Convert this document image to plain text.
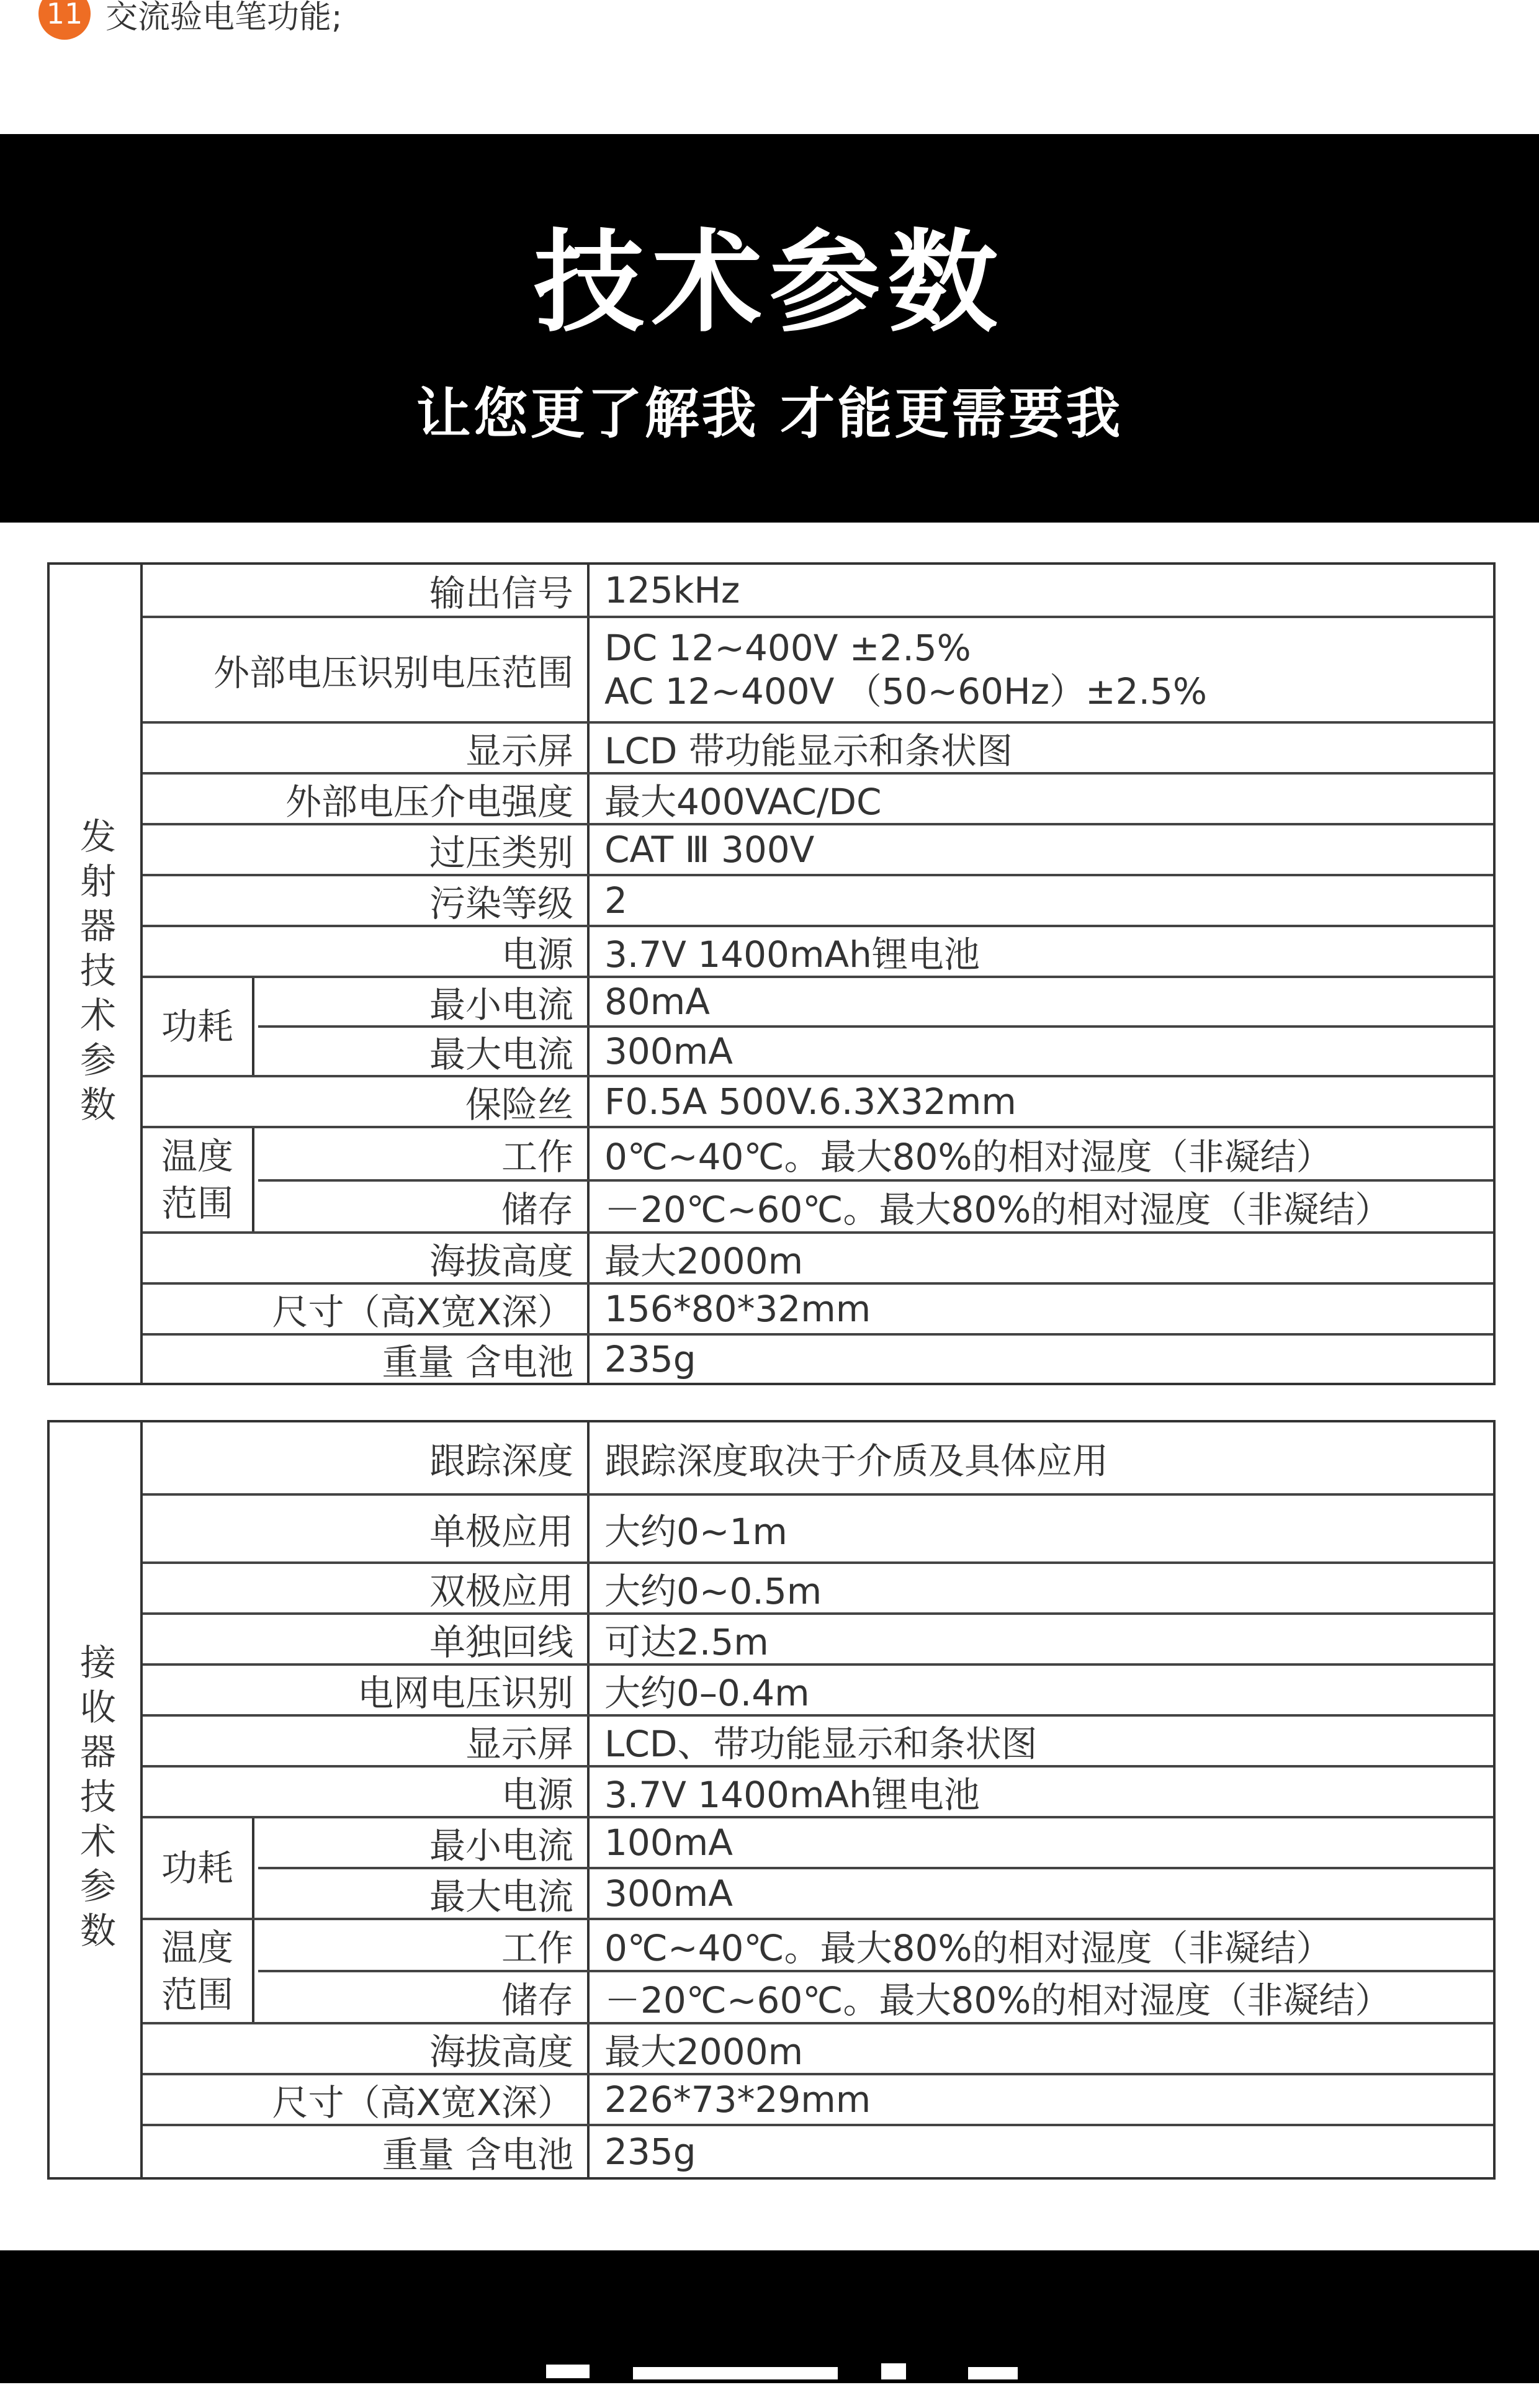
11 交流验电笔功能;
技术参数
让您更了解我 才能更需要我
发射器技术参数
输出信号 125kHz
外部电压识别电压范围
DC 12~400V ±2.5%
AC 12~400V （50~60Hz）±2.5%
显示屏 LCD 带功能显示和条状图
外部电压介电强度 最大400VAC/DC
过压类别 CAT Ⅲ 300V
污染等级 2
电源 3.7V 1400mAh锂电池
功耗
最小电流 80mA
最大电流 300mA
保险丝 F0.5A 500V.6.3X32mm
温度
范围
工作 0℃~40℃。最大80%的相对湿度（非凝结）
储存 －20℃~60℃。最大80%的相对湿度（非凝结）
海拔高度 最大2000m
尺寸（高X宽X深） 156*80*32mm
重量 含电池 235g
接收器技术参数
跟踪深度 跟踪深度取决于介质及具体应用
单极应用 大约0~1m
双极应用 大约0~0.5m
单独回线 可达2.5m
电网电压识别 大约0–0.4m
显示屏 LCD、带功能显示和条状图
电源 3.7V 1400mAh锂电池
功耗
最小电流 100mA
最大电流 300mA
温度
范围
工作 0℃~40℃。最大80%的相对湿度（非凝结）
储存 －20℃~60℃。最大80%的相对湿度（非凝结）
海拔高度 最大2000m
尺寸（高X宽X深） 226*73*29mm
重量 含电池 235g
